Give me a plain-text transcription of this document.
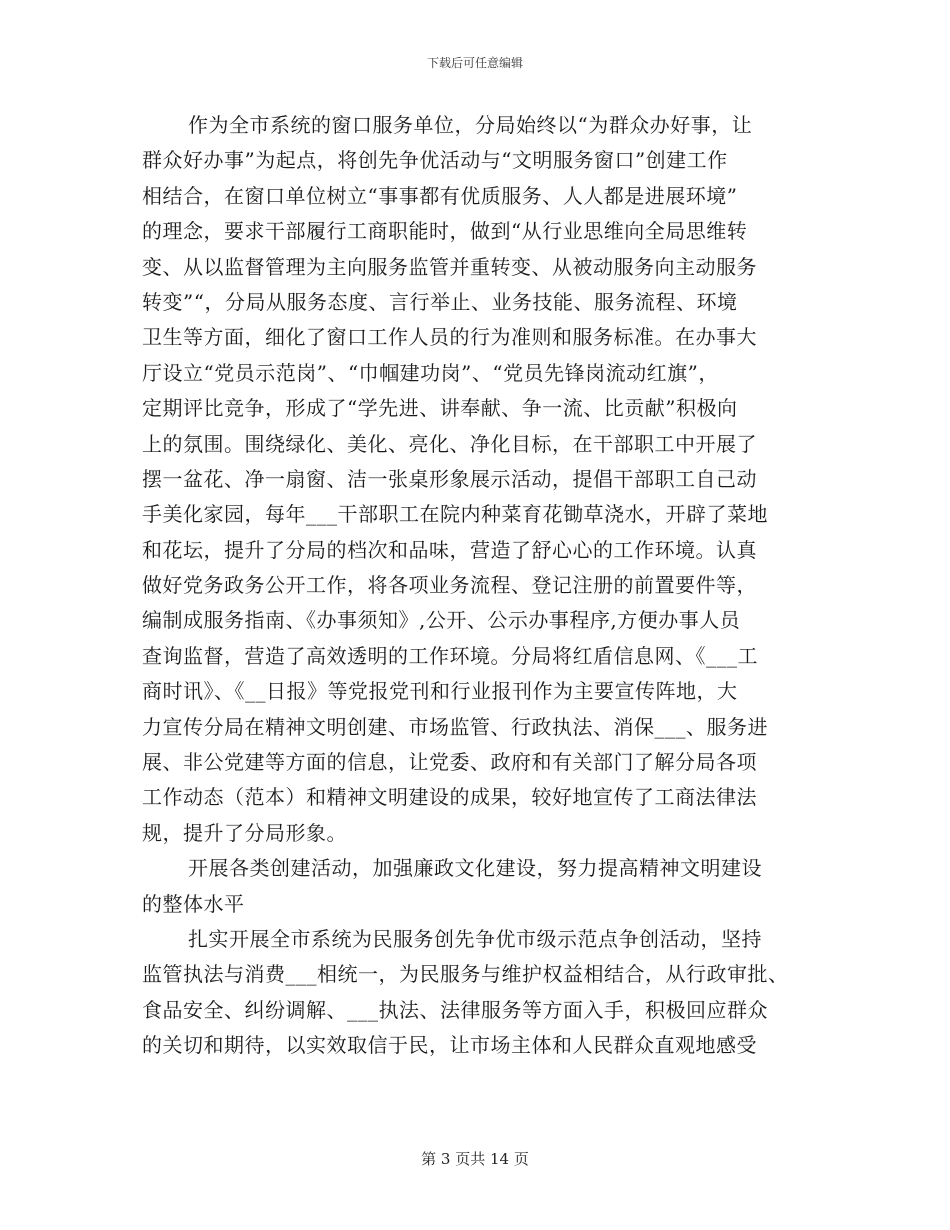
下载后可任意编辑
作为全市系统的窗口服务单位，分局始终以“为群众办好事，让
群众好办事”为起点，将创先争优活动与“文明服务窗口”创建工作
相结合，在窗口单位树立“事事都有优质服务、人人都是进展环境”
的理念，要求干部履行工商职能时，做到“从行业思维向全局思维转
变、从以监督管理为主向服务监管并重转变、从被动服务向主动服务
转变”“，分局从服务态度、言行举止、业务技能、服务流程、环境
卫生等方面，细化了窗口工作人员的行为准则和服务标准。在办事大
厅设立“党员示范岗”、“巾帼建功岗”、“党员先锋岗流动红旗”，
定期评比竞争，形成了“学先进、讲奉献、争一流、比贡献”积极向
上的氛围。围绕绿化、美化、亮化、净化目标，在干部职工中开展了
摆一盆花、净一扇窗、洁一张桌形象展示活动，提倡干部职工自己动
手美化家园，每年___干部职工在院内种菜育花锄草浇水，开辟了菜地
和花坛，提升了分局的档次和品味，营造了舒心心的工作环境。认真
做好党务政务公开工作，将各项业务流程、登记注册的前置要件等，
编制成服务指南、《办事须知》,公开、公示办事程序,方便办事人员
查询监督，营造了高效透明的工作环境。分局将红盾信息网、《___工
商时讯》、《__日报》等党报党刊和行业报刊作为主要宣传阵地，大
力宣传分局在精神文明创建、市场监管、行政执法、消保___、服务进
展、非公党建等方面的信息，让党委、政府和有关部门了解分局各项
工作动态（范本）和精神文明建设的成果，较好地宣传了工商法律法
规，提升了分局形象。
开展各类创建活动，加强廉政文化建设，努力提高精神文明建设
的整体水平
扎实开展全市系统为民服务创先争优市级示范点争创活动，坚持
监管执法与消费___相统一，为民服务与维护权益相结合，从行政审批、
食品安全、纠纷调解、___执法、法律服务等方面入手，积极回应群众
的关切和期待，以实效取信于民，让市场主体和人民群众直观地感受
第 3 页共 14 页
